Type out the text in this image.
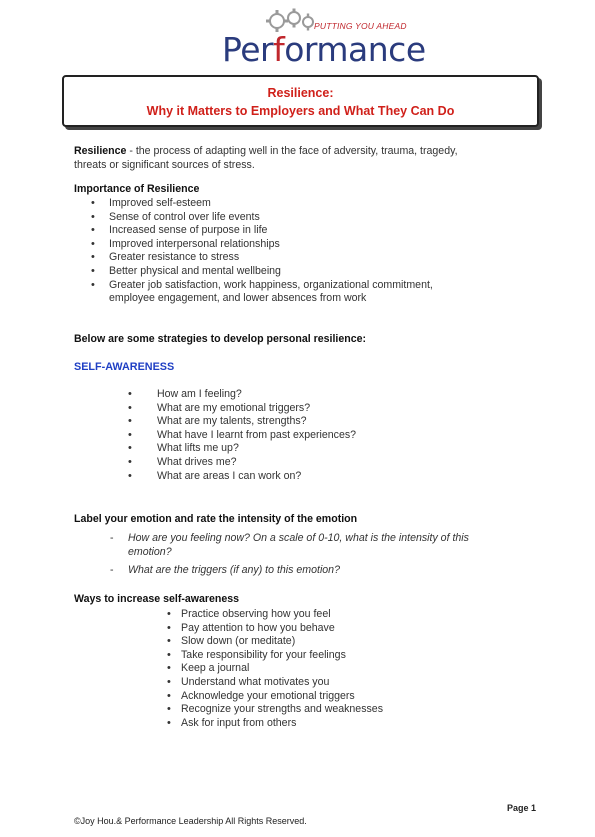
PUTTING YOU AHEAD
Performance
Resilience:
Why it Matters to Employers and What They Can Do
Resilience - the process of adapting well in the face of adversity, trauma, tragedy,
threats or significant sources of stress.
Importance of Resilience
• Improved self-esteem
• Sense of control over life events
• Increased sense of purpose in life
• Improved interpersonal relationships
• Greater resistance to stress
• Better physical and mental wellbeing
• Greater job satisfaction, work happiness, organizational commitment,
employee engagement, and lower absences from work
Below are some strategies to develop personal resilience:
SELF-AWARENESS
• How am I feeling?
• What are my emotional triggers?
• What are my talents, strengths?
• What have I learnt from past experiences?
• What lifts me up?
• What drives me?
• What are areas I can work on?
Label your emotion and rate the intensity of the emotion
- How are you feeling now? On a scale of 0-10, what is the intensity of this
emotion?
- What are the triggers (if any) to this emotion?
Ways to increase self-awareness
• Practice observing how you feel
• Pay attention to how you behave
• Slow down (or meditate)
• Take responsibility for your feelings
• Keep a journal
• Understand what motivates you
• Acknowledge your emotional triggers
• Recognize your strengths and weaknesses
• Ask for input from others
Page 1
©Joy Hou.& Performance Leadership All Rights Reserved.
